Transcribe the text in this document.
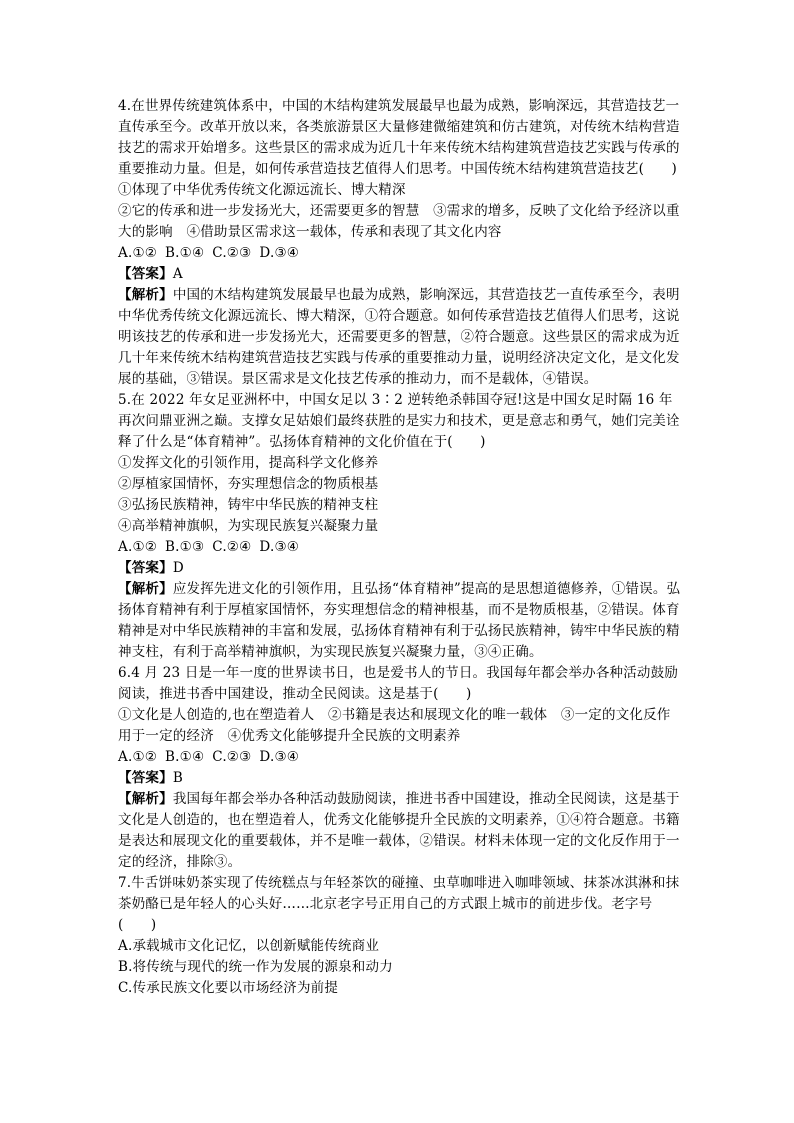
4.在世界传统建筑体系中，中国的木结构建筑发展最早也最为成熟，影响深远，其营造技艺一直传承至今。改革开放以来，各类旅游景区大量修建微缩建筑和仿古建筑，对传统木结构营造技艺的需求开始增多。这些景区的需求成为近几十年来传统木结构建筑营造技艺实践与传承的重要推动力量。但是，如何传承营造技艺值得人们思考。中国传统木结构建筑营造技艺(　　)

①体现了中华优秀传统文化源远流长、博大精深

②它的传承和进一步发扬光大，还需要更多的智慧　③需求的增多，反映了文化给予经济以重大的影响　④借助景区需求这一载体，传承和表现了其文化内容

A.①② B.①④ C.②③ D.③④

【答案】A

【解析】中国的木结构建筑发展最早也最为成熟，影响深远，其营造技艺一直传承至今，表明中华优秀传统文化源远流长、博大精深，①符合题意。如何传承营造技艺值得人们思考，这说明该技艺的传承和进一步发扬光大，还需要更多的智慧，②符合题意。这些景区的需求成为近几十年来传统木结构建筑营造技艺实践与传承的重要推动力量，说明经济决定文化，是文化发展的基础，③错误。景区需求是文化技艺传承的推动力，而不是载体，④错误。

5.在 2022 年女足亚洲杯中，中国女足以 3∶2 逆转绝杀韩国夺冠!这是中国女足时隔 16 年再次问鼎亚洲之巅。支撑女足姑娘们最终获胜的是实力和技术，更是意志和勇气，她们完美诠释了什么是“体育精神”。弘扬体育精神的文化价值在于(　　)

①发挥文化的引领作用，提高科学文化修养

②厚植家国情怀，夯实理想信念的物质根基

③弘扬民族精神，铸牢中华民族的精神支柱

④高举精神旗帜，为实现民族复兴凝聚力量

A.①② B.①③ C.②④ D.③④

【答案】D

【解析】应发挥先进文化的引领作用，且弘扬“体育精神”提高的是思想道德修养，①错误。弘扬体育精神有利于厚植家国情怀，夯实理想信念的精神根基，而不是物质根基，②错误。体育精神是对中华民族精神的丰富和发展，弘扬体育精神有利于弘扬民族精神，铸牢中华民族的精神支柱，有利于高举精神旗帜，为实现民族复兴凝聚力量，③④正确。

6.4 月 23 日是一年一度的世界读书日，也是爱书人的节日。我国每年都会举办各种活动鼓励阅读，推进书香中国建设，推动全民阅读。这是基于(　　)

①文化是人创造的,也在塑造着人　②书籍是表达和展现文化的唯一载体　③一定的文化反作用于一定的经济　④优秀文化能够提升全民族的文明素养

A.①② B.①④ C.②③ D.③④

【答案】B

【解析】我国每年都会举办各种活动鼓励阅读，推进书香中国建设，推动全民阅读，这是基于文化是人创造的，也在塑造着人，优秀文化能够提升全民族的文明素养，①④符合题意。书籍是表达和展现文化的重要载体，并不是唯一载体，②错误。材料未体现一定的文化反作用于一定的经济，排除③。

7.牛舌饼味奶茶实现了传统糕点与年轻茶饮的碰撞、虫草咖啡进入咖啡领域、抹茶冰淇淋和抹茶奶酪已是年轻人的心头好……北京老字号正用自己的方式跟上城市的前进步伐。老字号(　　)

A.承载城市文化记忆，以创新赋能传统商业

B.将传统与现代的统一作为发展的源泉和动力

C.传承民族文化要以市场经济为前提
